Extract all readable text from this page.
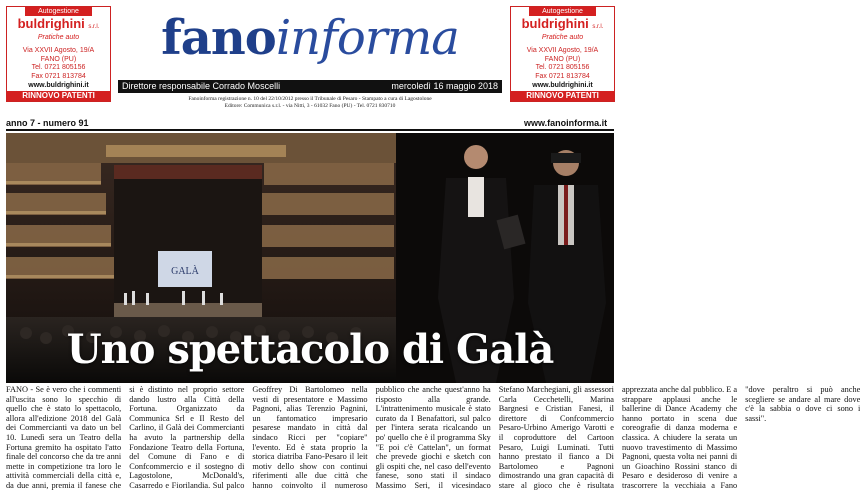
Autogestione
buldrighini s.r.l.
Pratiche auto
Via XXVII Agosto, 19/A
FANO (PU)
Tel. 0721 805156
Fax 0721 813784
www.buldrighini.it
RINNOVO PATENTI
Autogestione
buldrighini s.r.l.
Pratiche auto
Via XXVII Agosto, 19/A
FANO (PU)
Tel. 0721 805156
Fax 0721 813784
www.buldrighini.it
RINNOVO PATENTI
fanoinforma
Direttore responsabile Corrado Moscelli	mercoledì 16 maggio 2018
Fanoinforma registrazione n. 10 del 22/10/2012 presso il Tribunale di Pesaro - Stampato a cura di Lagostolone
Editore: Communica s.r.l. - via Nitti, 3 - 61032 Fano (PU) - Tel. 0721 830710
anno 7 - numero 91	www.fanoinforma.it
GALÀ
Uno spettacolo di Galà

FANO - Se è vero che i commenti all'uscita sono lo specchio di quello che è stato lo spettacolo, allora all'edizione 2018 del Galà dei Commercianti va dato un bel 10. Lunedì sera un Teatro della Fortuna gremito ha ospitato l'atto finale del concorso che da tre anni mette in competizione tra loro le attività commerciali della città e, da due anni, premia il fanese che si è distinto nel proprio settore dando lustro alla Città della Fortuna. Organizzato da Communica Srl e Il Resto del Carlino, il Galà dei Commercianti ha avuto la partnership della Fondazione Teatro della Fortuna, del Comune di Fano e di Confcommercio e il sostegno di Lagostolone, McDonald's, Casarredo e Fiorilandia. Sul palco Geoffrey Di Bartolomeo nella vesti di presentatore e Massimo Pagnoni, alias Terenzio Pagnini, un fantomatico impresario pesarese mandato in città dal sindaco Ricci per "copiare" l'evento. Ed è stata proprio la storica diatriba Fano-Pesaro il leit motiv dello show con continui riferimenti alle due città che hanno coinvolto il numeroso pubblico che anche quest'anno ha risposto alla grande. L'intrattenimento musicale è stato curato da I Benafattori, sul palco per l'intera serata ricalcando un po' quello che è il programma Sky "E poi c'è Cattelan", un format che prevede giochi e sketch con gli ospiti che, nel caso dell'evento fanese, sono stati il sindaco Massimo Seri, il vicesindaco Stefano Marchegiani, gli assessori Carla Cecchetelli, Marina Bargnesi e Cristian Fanesi, il direttore di Confcommercio Pesaro-Urbino Amerigo Varotti e il coproduttore del Cartoon Pesaro, Luigi Luminati. Tutti hanno prestato il fianco a Di Bartolomeo e Pagnoni dimostrando una gran capacità di stare al gioco che è risultata apprezzata anche dal pubblico. E a strappare applausi anche le ballerine di Dance Academy che hanno portato in scena due coreografie di danza moderna e classica. A chiudere la serata un nuovo travestimento di Massimo Pagnoni, questa volta nei panni di un Gioachino Rossini stanco di Pesaro e desideroso di venire a trascorrere la vecchiaia a Fano "dove peraltro si può anche scegliere se andare al mare dove c'è la sabbia o dove ci sono i sassi".
